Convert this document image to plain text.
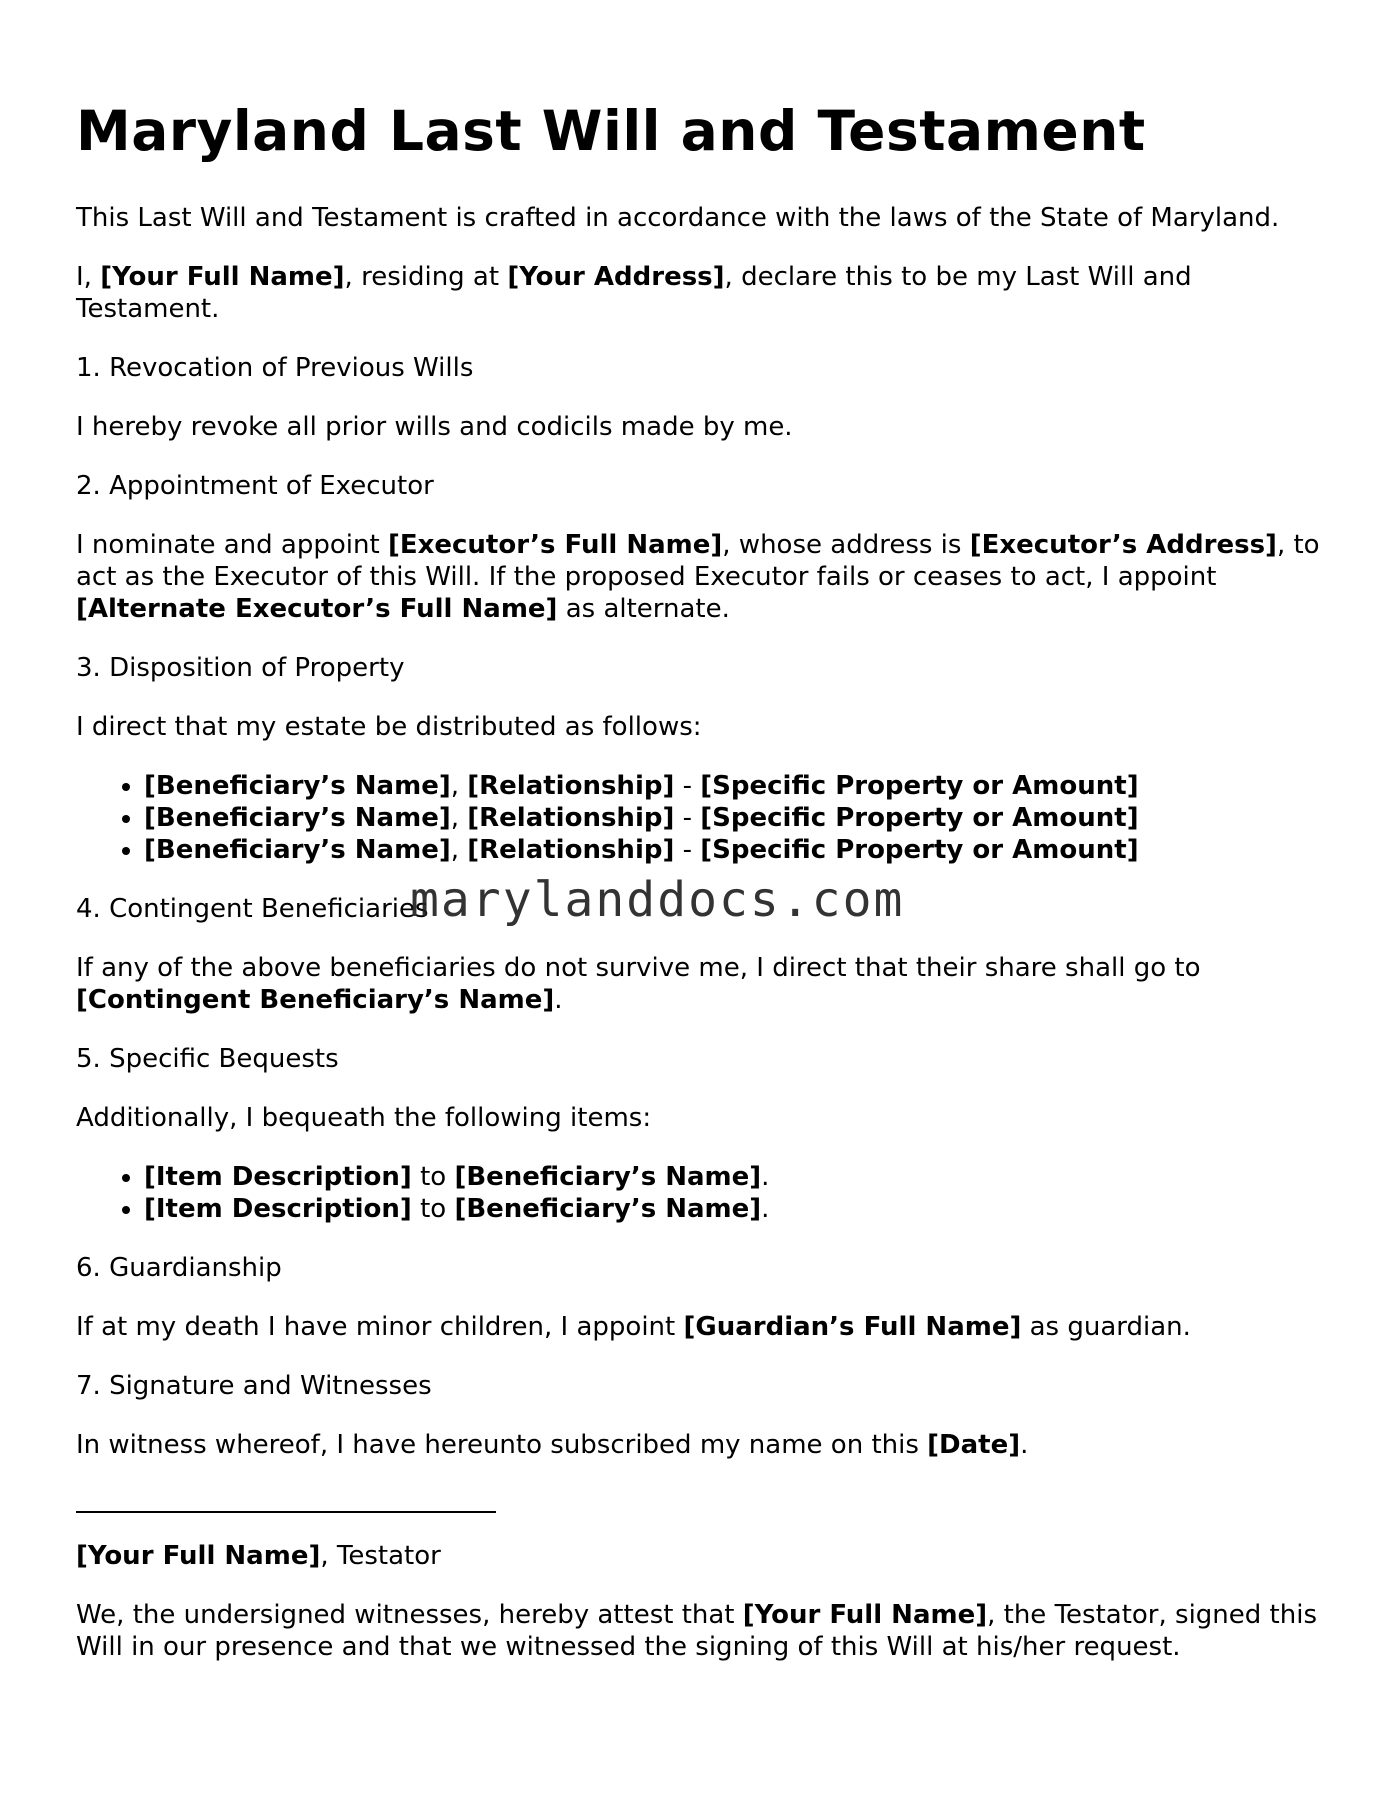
Maryland Last Will and Testament

This Last Will and Testament is crafted in accordance with the laws of the State of Maryland.

I, [Your Full Name], residing at [Your Address], declare this to be my Last Will and Testament.

1. Revocation of Previous Wills

I hereby revoke all prior wills and codicils made by me.

2. Appointment of Executor

I nominate and appoint [Executor’s Full Name], whose address is [Executor’s Address], to act as the Executor of this Will. If the proposed Executor fails or ceases to act, I appoint [Alternate Executor’s Full Name] as alternate.

3. Disposition of Property

I direct that my estate be distributed as follows:

• [Beneficiary’s Name], [Relationship] - [Specific Property or Amount]
• [Beneficiary’s Name], [Relationship] - [Specific Property or Amount]
• [Beneficiary’s Name], [Relationship] - [Specific Property or Amount]

4. Contingent Beneficiaries

If any of the above beneficiaries do not survive me, I direct that their share shall go to [Contingent Beneficiary’s Name].

5. Specific Bequests

Additionally, I bequeath the following items:

• [Item Description] to [Beneficiary’s Name].
• [Item Description] to [Beneficiary’s Name].

6. Guardianship

If at my death I have minor children, I appoint [Guardian’s Full Name] as guardian.

7. Signature and Witnesses

In witness whereof, I have hereunto subscribed my name on this [Date].

[Your Full Name], Testator

We, the undersigned witnesses, hereby attest that [Your Full Name], the Testator, signed this Will in our presence and that we witnessed the signing of this Will at his/her request.

marylanddocs.com
